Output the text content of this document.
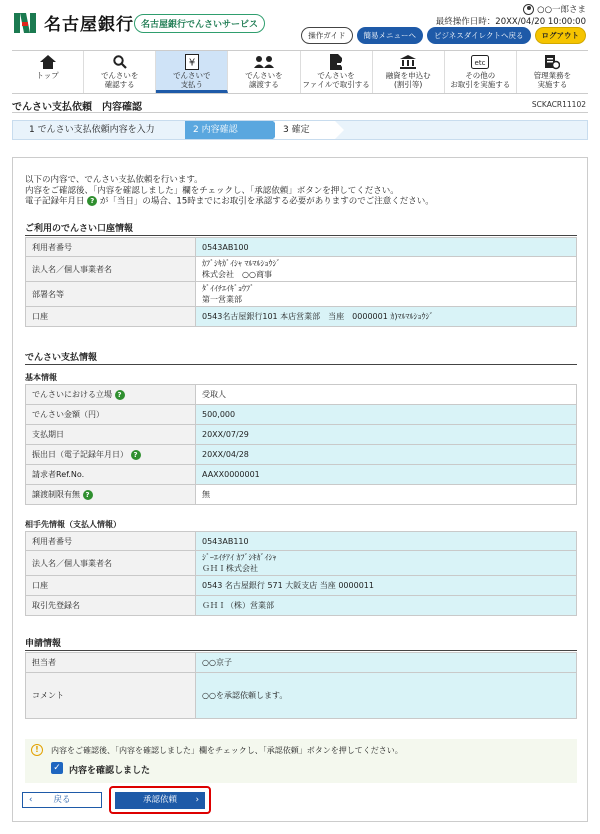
名古屋銀行 名古屋銀行でんさいサービス
○○一郎さま
最終操作日時：20XX/04/20 10:00:00
操作ガイド	簡易メニューへ	ビジネスダイレクトへ戻る	ログアウト
トップ	でんさいを
確認する
¥
でんさいで
支払う
でんさいを
譲渡する
でんさいを
ファイルで取引する
融資を申込む
(割引等)
etc
その他の
お取引を実施する
管理業務を
実施する
でんさい支払依頼　内容確認	SCKACR11102
1 でんさい支払依頼内容を入力	2 内容確認	3 確定
以下の内容で、でんさい支払依頼を行います。
内容をご確認後、「内容を確認しました」欄をチェックし、「承認依頼」ボタンを押してください。
電子記録年月日 ? が「当日」の場合、15時までにお取引を承認する必要がありますのでご注意ください。
ご利用のでんさい口座情報
利用者番号	0543AB100
法人名／個人事業者名	ｶﾌﾞｼｷｶﾞｲｼｬ ﾏﾙﾏﾙｼｮｳｼﾞ
株式会社　○○商事

部署名等	ﾀﾞｲｲﾁｴｲｷﾞｮｳﾌﾞ
第一営業部

口座	0543名古屋銀行101 本店営業部　当座　0000001 ｶ)ﾏﾙﾏﾙｼｮｳｼﾞ
でんさい支払情報
基本情報
でんさいにおける立場 ?	受取人
でんさい金額（円）	500,000
支払期日	20XX/07/29
振出日（電子記録年月日） ?	20XX/04/28
請求者Ref.No.	AAXX0000001
譲渡制限有無 ?	無
相手先情報（支払人情報）
利用者番号	0543AB110
法人名／個人事業者名	ｼﾞｰｴｲﾁｱｲ ｶﾌﾞｼｷｶﾞｲｼｬ
ＧＨＩ株式会社

口座	0543 名古屋銀行 571 大阪支店 当座 0000011
取引先登録名	ＧＨＩ（株）営業部
申請情報
担当者	○○京子
コメント	○○を承認依頼します。
!	内容をご確認後、「内容を確認しました」欄をチェックし、「承認依頼」ボタンを押してください。
✓ 内容を確認しました
‹ 戻る	承認依頼 ›
